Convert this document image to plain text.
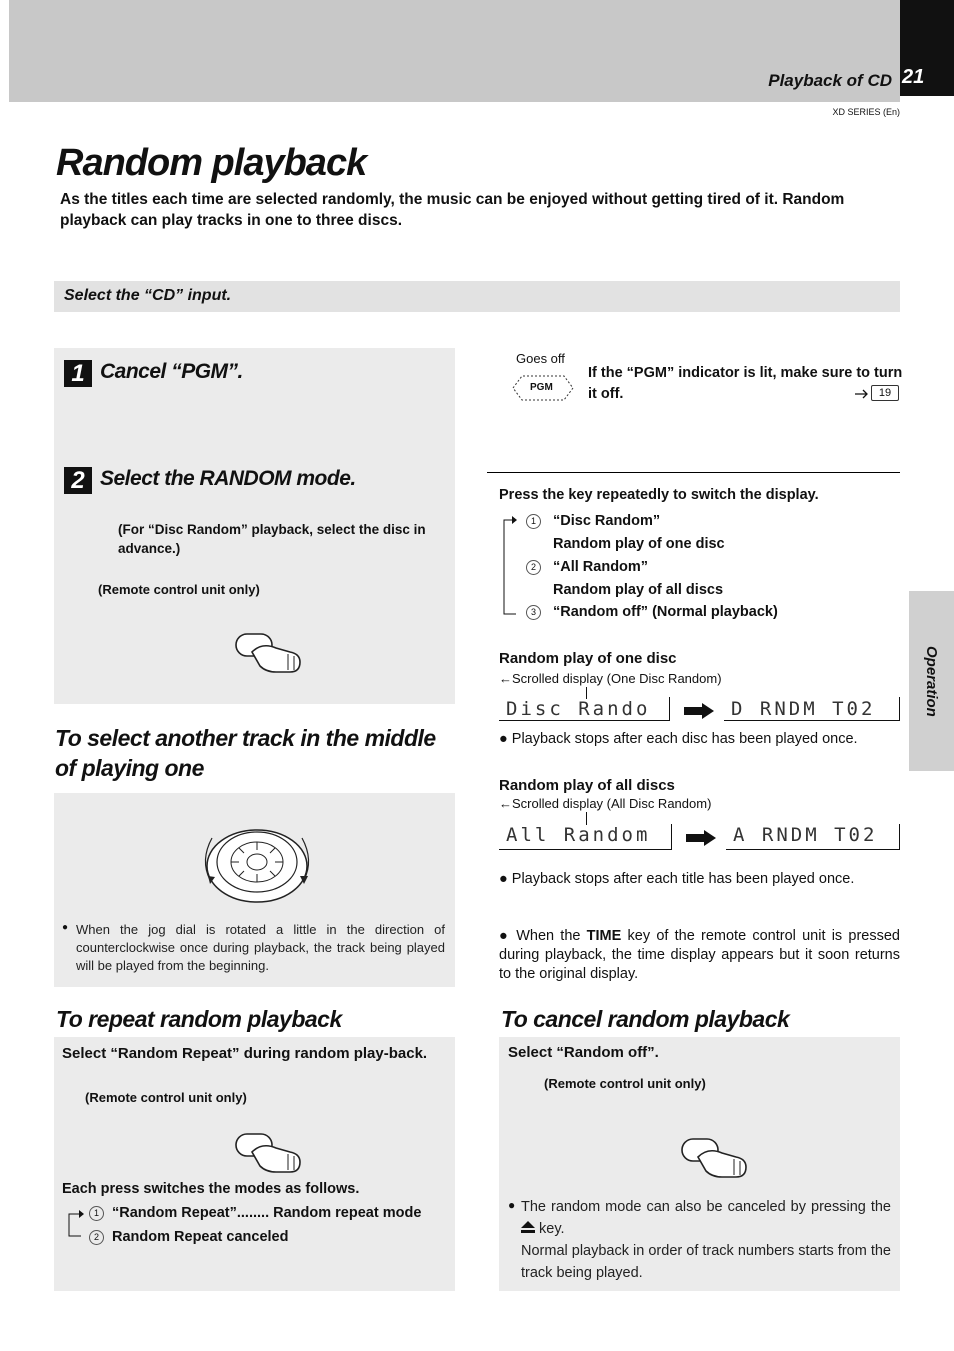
Playback of CD 21
XD SERIES (En)
Random playback
As the titles each time are selected randomly, the music can be enjoyed without getting tired of it. Random playback can play tracks in one to three discs.
Select the “CD” input.
1 Cancel “PGM”.
2 Select the RANDOM mode.
(For “Disc Random” playback, select the disc in advance.)
(Remote control unit only)
Goes off
PGM
If the “PGM” indicator is lit, make sure to turn it off.	19
Press the key repeatedly to switch the display.
1 “Disc Random”
Random play of one disc
2 “All Random”
Random play of all discs
3 “Random off” (Normal playback)
Random play of one disc
←Scrolled display (One Disc Random)
Disc Rando	D RNDM T02
● Playback stops after each disc has been played once.
Random play of all discs
←Scrolled display (All Disc Random)
All Random	A RNDM T02
● Playback stops after each title has been played once.
● When the TIME key of the remote control unit is pressed during playback, the time display appears but it soon returns to the original display.
Operation
To select another track in the middle of playing one
● When the jog dial is rotated a little in the direction of counterclockwise once during playback, the track being played will be played from the beginning.
To repeat random playback
Select “Random Repeat” during random play-back.
(Remote control unit only)
Each press switches the modes as follows.
1 “Random Repeat”........ Random repeat mode
2 Random Repeat canceled
To cancel random playback
Select “Random off”.
(Remote control unit only)
● The random mode can also be canceled by pressing the  key.
Normal playback in order of track numbers starts from the track being played.
